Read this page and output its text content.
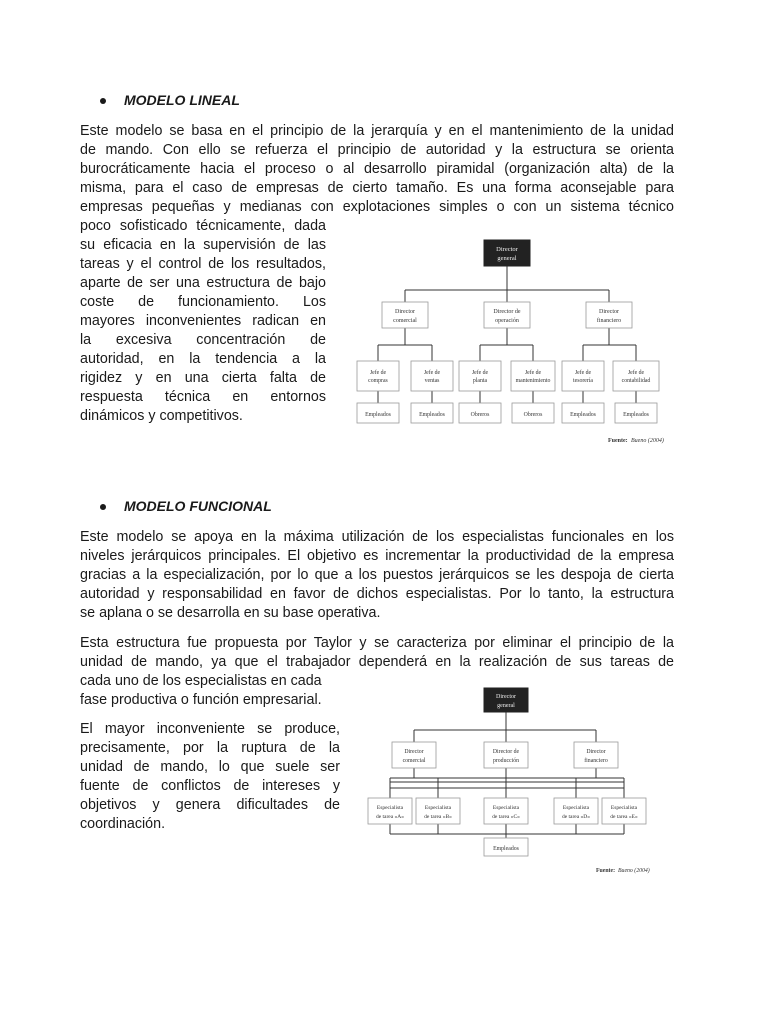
MODELO LINEAL
Este modelo se basa en el principio de la jerarquía y en el mantenimiento de la unidad
de mando. Con ello se refuerza el principio de autoridad y la estructura se orienta
burocráticamente hacia el proceso o al desarrollo piramidal (organización alta) de la
misma, para el caso de empresas de cierto tamaño. Es una forma aconsejable para
empresas pequeñas y medianas con explotaciones simples o con un sistema técnico
poco sofisticado técnicamente, dada
su eficacia en la supervisión de las
tareas y el control de los resultados,
aparte de ser una estructura de bajo
coste de funcionamiento. Los
mayores inconvenientes radican en
la excesiva concentración de
autoridad, en la tendencia a la
rigidez y en una cierta falta de
respuesta técnica en entornos
dinámicos y competitivos.
Director
general
Director
comercial
Director de
operación
Director
financiero
Jefe de
compras
Jefe de
ventas
Jefe de
planta
Jefe de
mantenimiento
Jefe de
tesorería
Jefe de
contabilidad
Empleados	Empleados	Obreros	Obreros	Empleados	Empleados
Fuente: Bueno (2004)
MODELO FUNCIONAL
Este modelo se apoya en la máxima utilización de los especialistas funcionales en los
niveles jerárquicos principales. El objetivo es incrementar la productividad de la empresa
gracias a la especialización, por lo que a los puestos jerárquicos se les despoja de cierta
autoridad y responsabilidad en favor de dichos especialistas. Por lo tanto, la estructura
se aplana o se desarrolla en su base operativa.
Esta estructura fue propuesta por Taylor y se caracteriza por eliminar el principio de la
unidad de mando, ya que el trabajador dependerá en la realización de sus tareas de
cada uno de los especialistas en cada
fase productiva o función empresarial.
El mayor inconveniente se produce,
precisamente, por la ruptura de la
unidad de mando, lo que suele ser
fuente de conflictos de intereses y
objetivos y genera dificultades de
coordinación.
Director
general
Director
comercial
Director de
producción
Director
financiero
Especialista
de tarea «A»
Especialista
de tarea «B»
Especialista
de tarea «C»
Especialista
de tarea «D»
Especialista
de tarea «E»
Empleados
Fuente: Bueno (2004)
